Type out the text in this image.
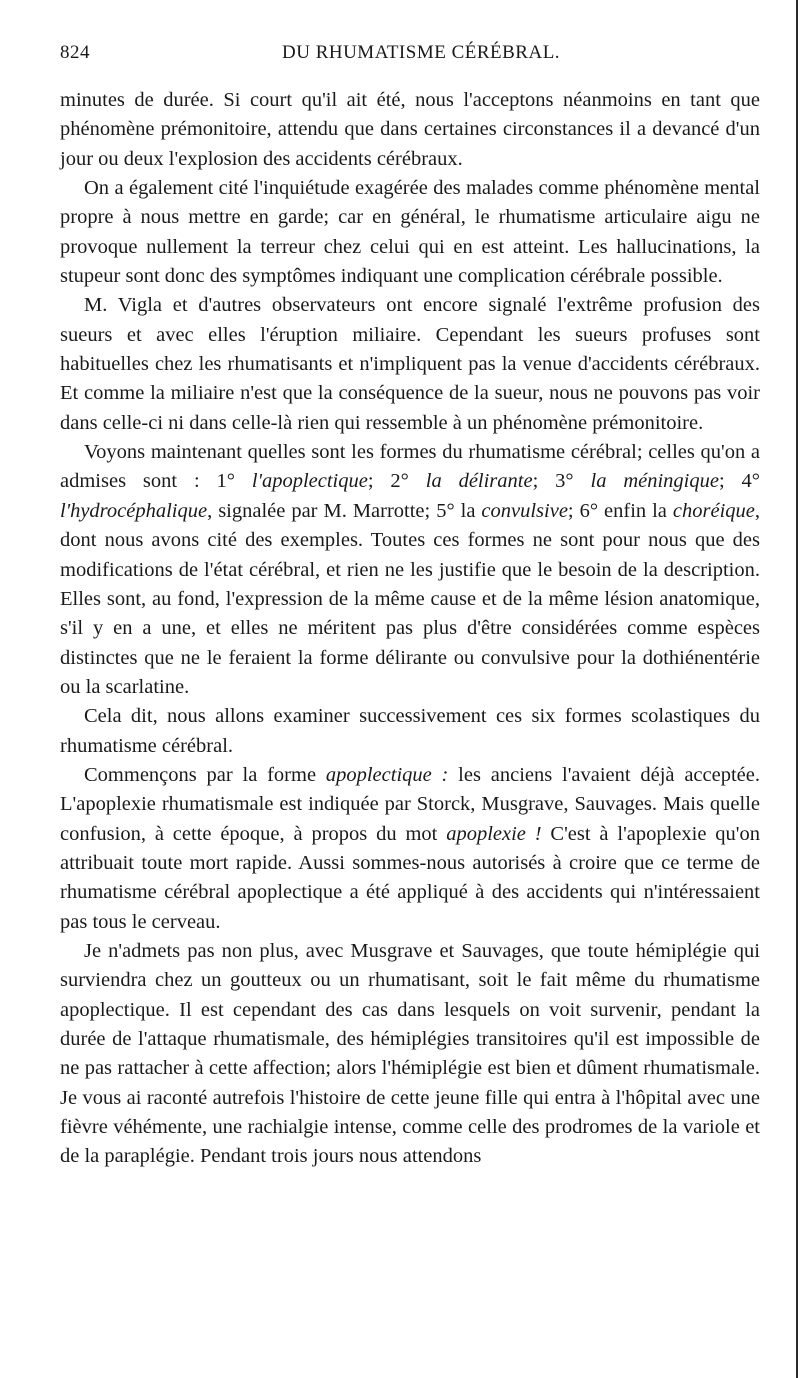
824	DU RHUMATISME CÉRÉBRAL.

minutes de durée. Si court qu'il ait été, nous l'acceptons néanmoins en tant que phénomène prémonitoire, attendu que dans certaines circonstances il a devancé d'un jour ou deux l'explosion des accidents cérébraux.

On a également cité l'inquiétude exagérée des malades comme phénomène mental propre à nous mettre en garde; car en général, le rhumatisme articulaire aigu ne provoque nullement la terreur chez celui qui en est atteint. Les hallucinations, la stupeur sont donc des symptômes indiquant une complication cérébrale possible.

M. Vigla et d'autres observateurs ont encore signalé l'extrême profusion des sueurs et avec elles l'éruption miliaire. Cependant les sueurs profuses sont habituelles chez les rhumatisants et n'impliquent pas la venue d'accidents cérébraux. Et comme la miliaire n'est que la conséquence de la sueur, nous ne pouvons pas voir dans celle-ci ni dans celle-là rien qui ressemble à un phénomène prémonitoire.

Voyons maintenant quelles sont les formes du rhumatisme cérébral; celles qu'on a admises sont : 1° l'apoplectique; 2° la délirante; 3° la méningique; 4° l'hydrocéphalique, signalée par M. Marrotte; 5° la convulsive; 6° enfin la choréique, dont nous avons cité des exemples. Toutes ces formes ne sont pour nous que des modifications de l'état cérébral, et rien ne les justifie que le besoin de la description. Elles sont, au fond, l'expression de la même cause et de la même lésion anatomique, s'il y en a une, et elles ne méritent pas plus d'être considérées comme espèces distinctes que ne le feraient la forme délirante ou convulsive pour la dothiénentérie ou la scarlatine.

Cela dit, nous allons examiner successivement ces six formes scolastiques du rhumatisme cérébral.

Commençons par la forme apoplectique : les anciens l'avaient déjà acceptée. L'apoplexie rhumatismale est indiquée par Storck, Musgrave, Sauvages. Mais quelle confusion, à cette époque, à propos du mot apoplexie ! C'est à l'apoplexie qu'on attribuait toute mort rapide. Aussi sommes-nous autorisés à croire que ce terme de rhumatisme cérébral apoplectique a été appliqué à des accidents qui n'intéressaient pas tous le cerveau.

Je n'admets pas non plus, avec Musgrave et Sauvages, que toute hémiplégie qui surviendra chez un goutteux ou un rhumatisant, soit le fait même du rhumatisme apoplectique. Il est cependant des cas dans lesquels on voit survenir, pendant la durée de l'attaque rhumatismale, des hémiplégies transitoires qu'il est impossible de ne pas rattacher à cette affection; alors l'hémiplégie est bien et dûment rhumatismale. Je vous ai raconté autrefois l'histoire de cette jeune fille qui entra à l'hôpital avec une fièvre véhémente, une rachialgie intense, comme celle des prodromes de la variole et de la paraplégie. Pendant trois jours nous attendons
